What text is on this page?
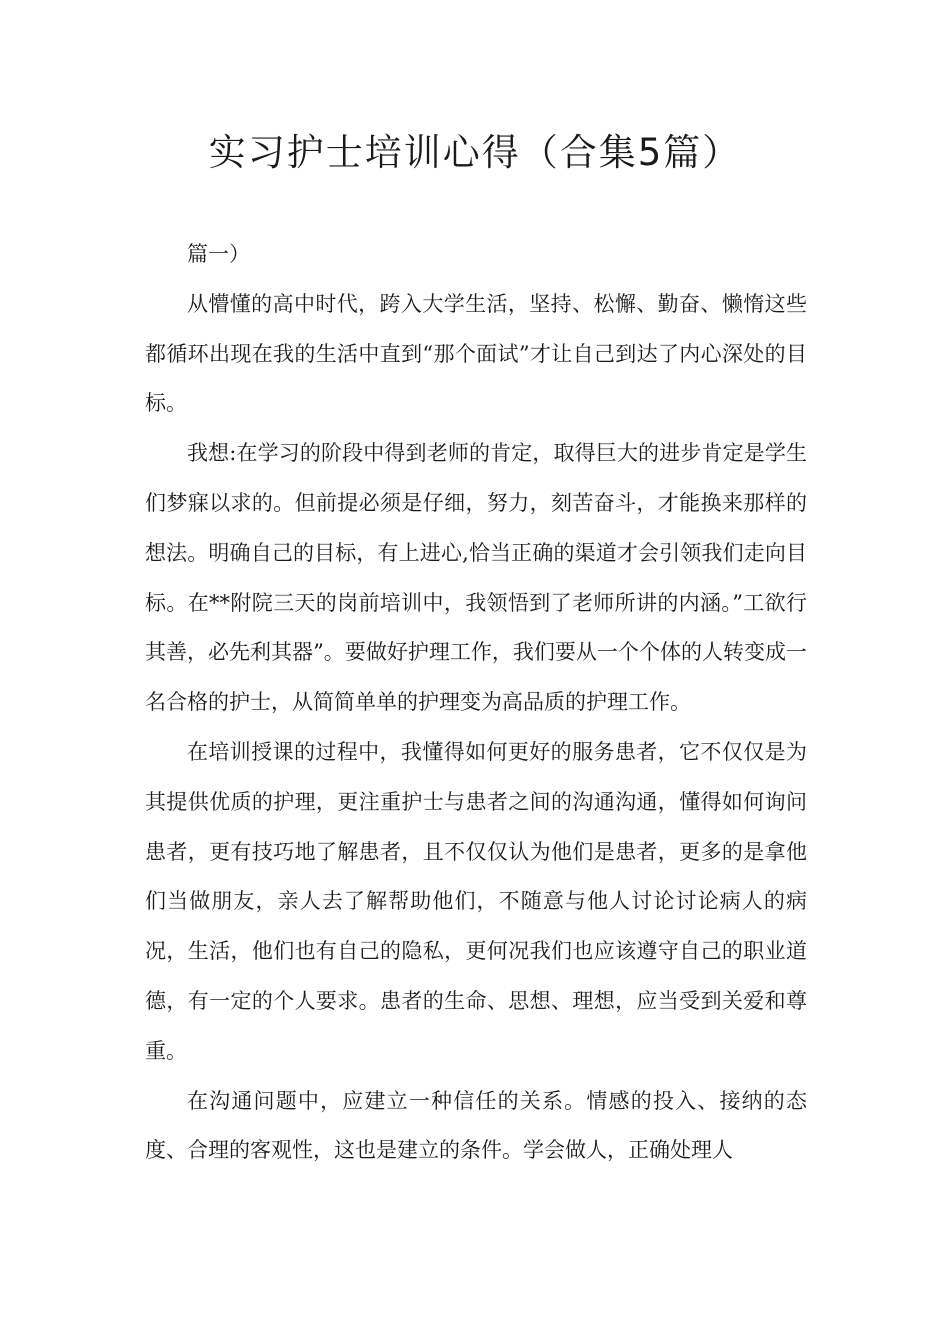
实习护士培训心得（合集5篇）
篇一）

从懵懂的高中时代，跨入大学生活，坚持、松懈、勤奋、懒惰这些都循环出现在我的生活中直到“那个面试”才让自己到达了内心深处的目标。

我想:在学习的阶段中得到老师的肯定，取得巨大的进步肯定是学生们梦寐以求的。但前提必须是仔细，努力，刻苦奋斗，才能换来那样的想法。明确自己的目标，有上进心,恰当正确的渠道才会引领我们走向目标。在**附院三天的岗前培训中，我领悟到了老师所讲的内涵。”工欲行其善，必先利其器”。要做好护理工作，我们要从一个个体的人转变成一名合格的护士，从简简单单的护理变为高品质的护理工作。

在培训授课的过程中，我懂得如何更好的服务患者，它不仅仅是为其提供优质的护理，更注重护士与患者之间的沟通沟通，懂得如何询问患者，更有技巧地了解患者，且不仅仅认为他们是患者，更多的是拿他们当做朋友，亲人去了解帮助他们，不随意与他人讨论讨论病人的病况，生活，他们也有自己的隐私，更何况我们也应该遵守自己的职业道德，有一定的个人要求。患者的生命、思想、理想，应当受到关爱和尊重。

在沟通问题中，应建立一种信任的关系。情感的投入、接纳的态度、合理的客观性，这也是建立的条件。学会做人，正确处理人
